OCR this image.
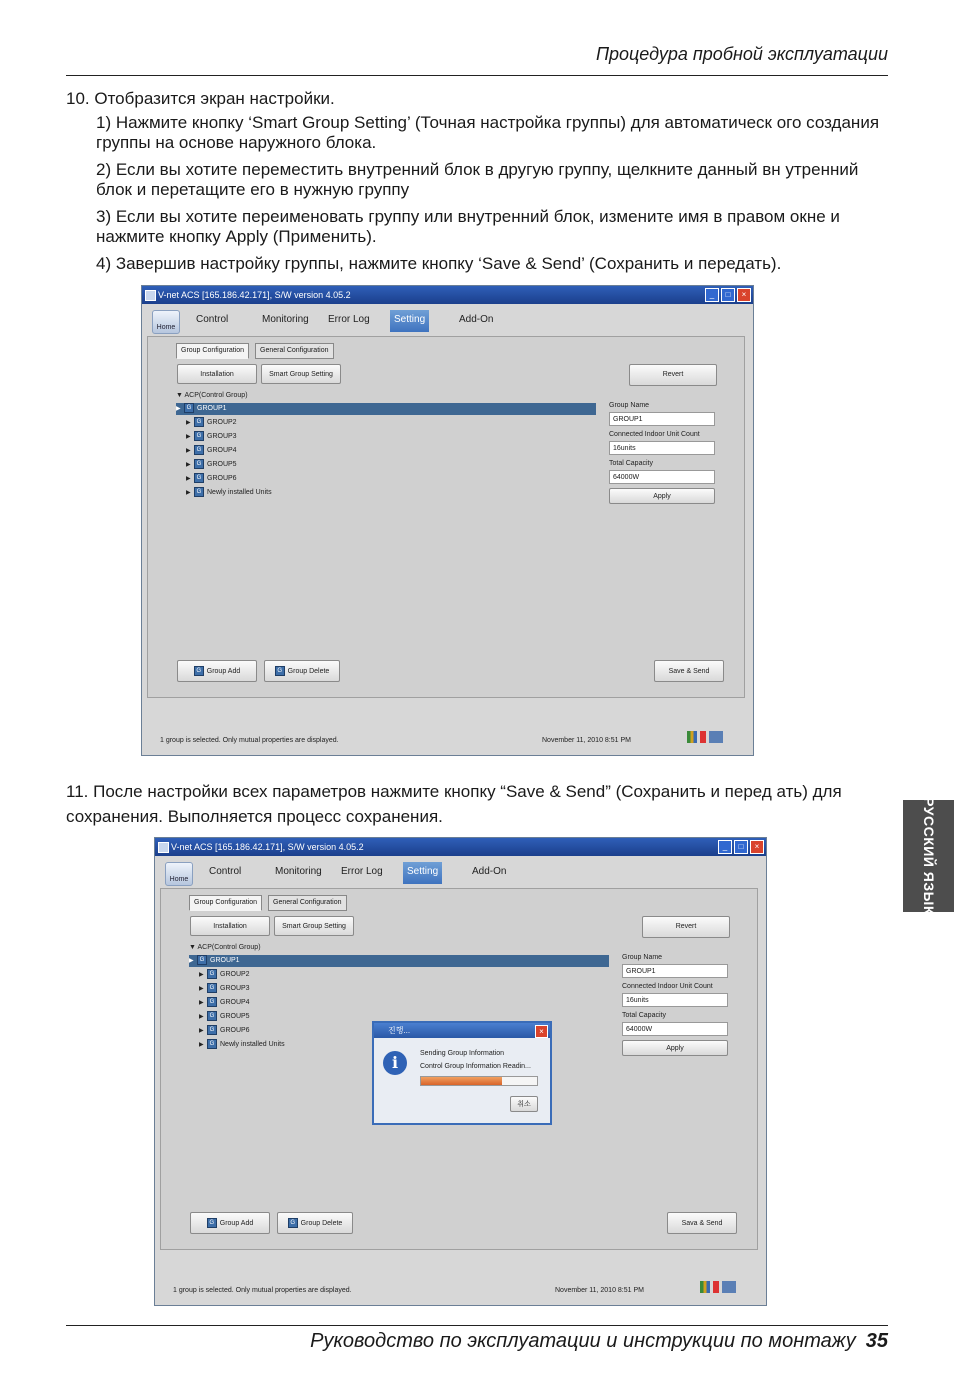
Процедура пробной эксплуатации
РУССКИЙ ЯЗЫК
10. Отобразится экран настройки.
1) Нажмите кнопку ‘Smart Group Setting’ (Точная настройка группы) для автоматическ ого создания группы на основе наружного блока.
2) Если вы хотите переместить внутренний блок в другую группу, щелкните данный вн утренний блок и перетащите его в нужную группу
3) Если вы хотите переименовать группу или внутренний блок, измените имя в правом окне и нажмите кнопку Apply (Применить).
4) Завершив настройку группы, нажмите кнопку ‘Save & Send’ (Сохранить и передать).
V-net ACS [165.186.42.171], S/W version 4.05.2	_	□	×
Home
Control	Monitoring Error Log	Setting	Add-On
Group Configuration	General Configuration
Installation	Smart Group Setting	Revert
▼ ACP(Control Group)
▶ G GROUP1
▶ G GROUP2
▶ G GROUP3
▶ G GROUP4
▶ G GROUP5
▶ G GROUP6
▶ G Newly installed Units
Group Name
GROUP1
Connected Indoor Unit Count
16units
Total Capacity
64000W
Apply
G Group Add	G Group Delete	Save & Send
1 group is selected. Only mutual properties are displayed.	November 11, 2010 8:51 PM
11. После настройки всех параметров нажмите кнопку “Save & Send” (Сохранить и перед ать) для сохранения. Выполняется процесс сохранения.
V-net ACS [165.186.42.171], S/W version 4.05.2	_	□	×
Home
Control	Monitoring Error Log	Setting	Add-On
Group Configuration	General Configuration
Installation	Smart Group Setting	Revert
▼ ACP(Control Group)
▶ G GROUP1
▶ G GROUP2
▶ G GROUP3
▶ G GROUP4
▶ G GROUP5
▶ G GROUP6
▶ G Newly installed Units
Group Name
GROUP1
Connected Indoor Unit Count
16units
Total Capacity
64000W
Apply
G Group Add	G Group Delete	Sava & Send
진행...	×
i	Sending Group Information
Control Group Information Readin...
취소
1 group is selected. Only mutual properties are displayed.	November 11, 2010 8:51 PM
Руководство по эксплуатации и инструкции по монтажу 35
